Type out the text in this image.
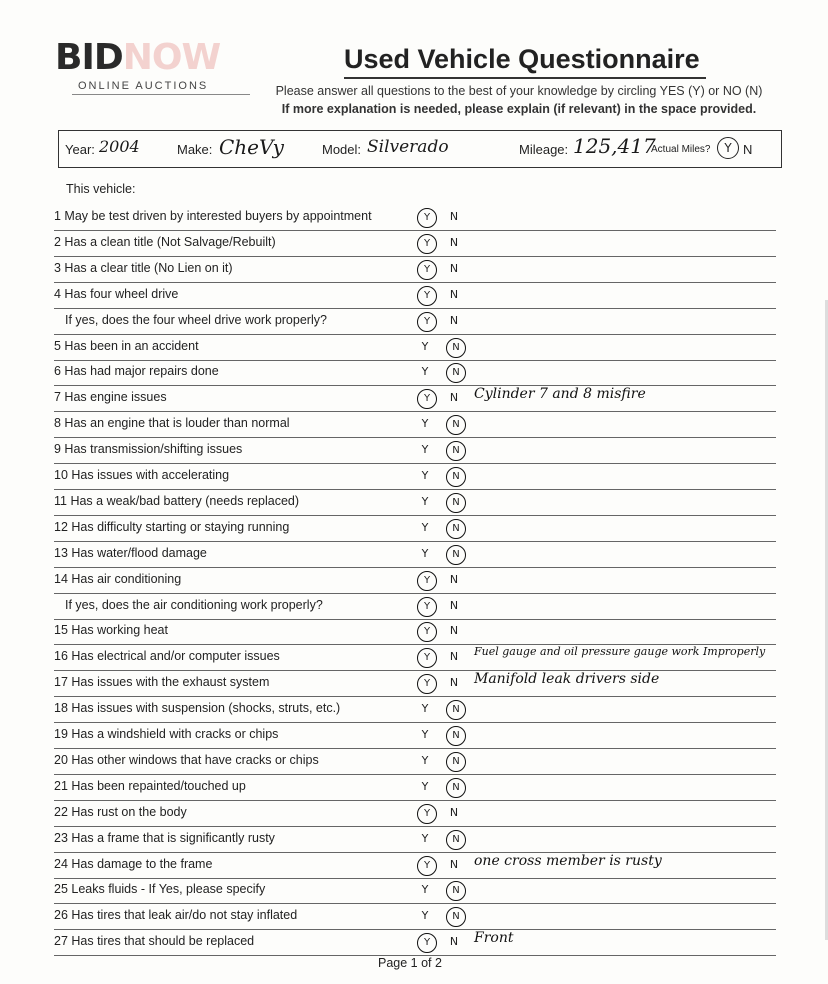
BIDNOW
ONLINE AUCTIONS
Used Vehicle Questionnaire
Please answer all questions to the best of your knowledge by circling YES (Y) or NO (N)
If more explanation is needed, please explain (if relevant) in the space provided.
Year: 2004	Make: CheVy	Model: Silverado	Mileage: 125,417
Actual Miles?	Y N
This vehicle:
1 May be test driven by interested buyers by appointment	Y	N
2 Has a clean title (Not Salvage/Rebuilt)	Y	N
3 Has a clear title (No Lien on it)	Y	N
4 Has four wheel drive	Y	N
If yes, does the four wheel drive work properly?	Y	N
5 Has been in an accident	Y	N
6 Has had major repairs done	Y	N
7 Has engine issues	Y	N	Cylinder 7 and 8 misfire
8 Has an engine that is louder than normal	Y	N
9 Has transmission/shifting issues	Y	N
10 Has issues with accelerating	Y	N
11 Has a weak/bad battery (needs replaced)	Y	N
12 Has difficulty starting or staying running	Y	N
13 Has water/flood damage	Y	N
14 Has air conditioning	Y	N
If yes, does the air conditioning work properly?	Y	N
15 Has working heat	Y	N
16 Has electrical and/or computer issues	Y	N	Fuel gauge and oil pressure gauge work Improperly
17 Has issues with the exhaust system	Y	N	Manifold leak drivers side
18 Has issues with suspension (shocks, struts, etc.)	Y	N
19 Has a windshield with cracks or chips	Y	N
20 Has other windows that have cracks or chips	Y	N
21 Has been repainted/touched up	Y	N
22 Has rust on the body	Y	N
23 Has a frame that is significantly rusty	Y	N
24 Has damage to the frame	Y	N	one cross member is rusty
25 Leaks fluids - If Yes, please specify	Y	N
26 Has tires that leak air/do not stay inflated	Y	N
27 Has tires that should be replaced	Y	N	Front
Page 1 of 2
